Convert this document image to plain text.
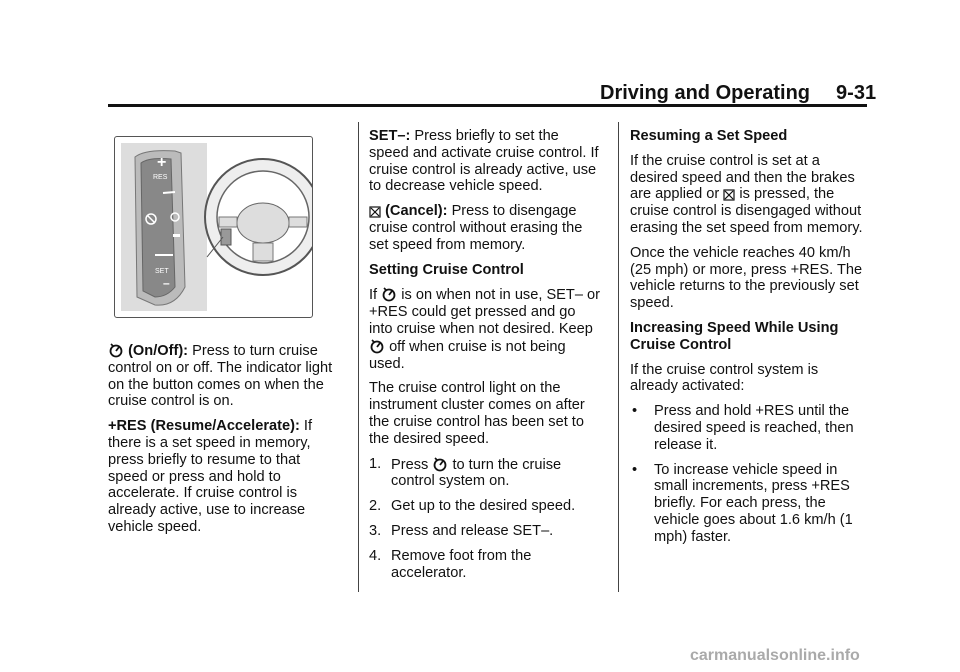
Driving and Operating 9-31
+
RES
SET
–

(On/Off): Press to turn cruise control on or off. The indicator light on the button comes on when the cruise control is on.

+RES (Resume/Accelerate): If there is a set speed in memory, press briefly to resume to that speed or press and hold to accelerate. If cruise control is already active, use to increase vehicle speed.

SET–: Press briefly to set the speed and activate cruise control. If cruise control is already active, use to decrease vehicle speed.

(Cancel): Press to disengage cruise control without erasing the set speed from memory.

Setting Cruise Control

If is on when not in use, SET– or +RES could get pressed and go into cruise when not desired. Keep  off when cruise is not being used.

The cruise control light on the instrument cluster comes on after the cruise control has been set to the desired speed.

1. Press to turn the cruise control system on.
2. Get up to the desired speed.
3. Press and release SET–.
4. Remove foot from the accelerator.

Resuming a Set Speed

If the cruise control is set at a desired speed and then the brakes are applied or is pressed, the cruise control is disengaged without erasing the set speed from memory.

Once the vehicle reaches 40 km/h (25 mph) or more, press +RES. The vehicle returns to the previously set speed.

Increasing Speed While Using Cruise Control

If the cruise control system is already activated:

•	Press and hold +RES until the desired speed is reached, then release it.
•	To increase vehicle speed in small increments, press +RES briefly. For each press, the vehicle goes about 1.6 km/h (1 mph) faster.
carmanualsonline.info
